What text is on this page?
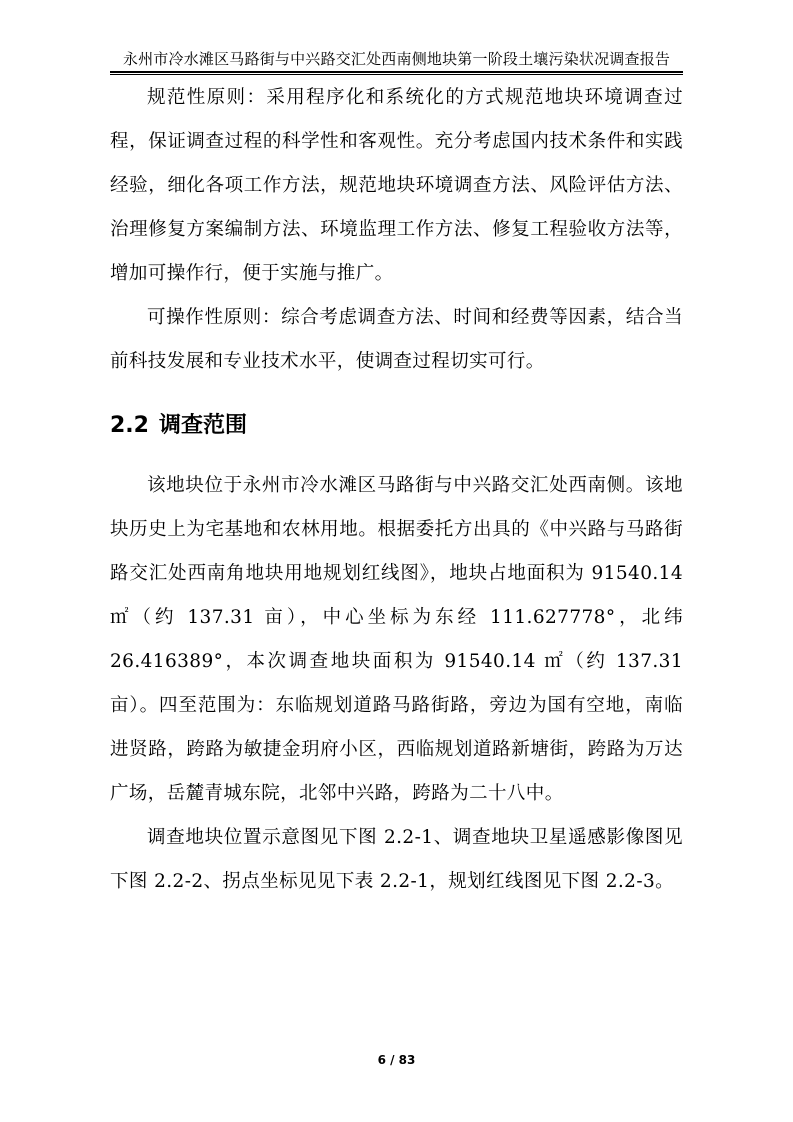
永州市冷水滩区马路街与中兴路交汇处西南侧地块第一阶段土壤污染状况调查报告

规范性原则：采用程序化和系统化的方式规范地块环境调查过程，保证调查过程的科学性和客观性。充分考虑国内技术条件和实践经验，细化各项工作方法，规范地块环境调查方法、风险评估方法、治理修复方案编制方法、环境监理工作方法、修复工程验收方法等，增加可操作行，便于实施与推广。

可操作性原则：综合考虑调查方法、时间和经费等因素，结合当前科技发展和专业技术水平，使调查过程切实可行。

2.2 调查范围

该地块位于永州市冷水滩区马路街与中兴路交汇处西南侧。该地块历史上为宅基地和农林用地。根据委托方出具的《中兴路与马路街路交汇处西南角地块用地规划红线图》，地块占地面积为 91540.14 ㎡（约 137.31 亩），中心坐标为东经 111.627778°，北纬 26.416389°，本次调查地块面积为 91540.14 ㎡（约 137.31 亩）。四至范围为：东临规划道路马路街路，旁边为国有空地，南临进贤路，跨路为敏捷金玥府小区，西临规划道路新塘街，跨路为万达广场，岳麓青城东院，北邻中兴路，跨路为二十八中。

调查地块位置示意图见下图 2.2-1、调查地块卫星遥感影像图见下图 2.2-2、拐点坐标见见下表 2.2-1，规划红线图见下图 2.2-3。

6 / 83
